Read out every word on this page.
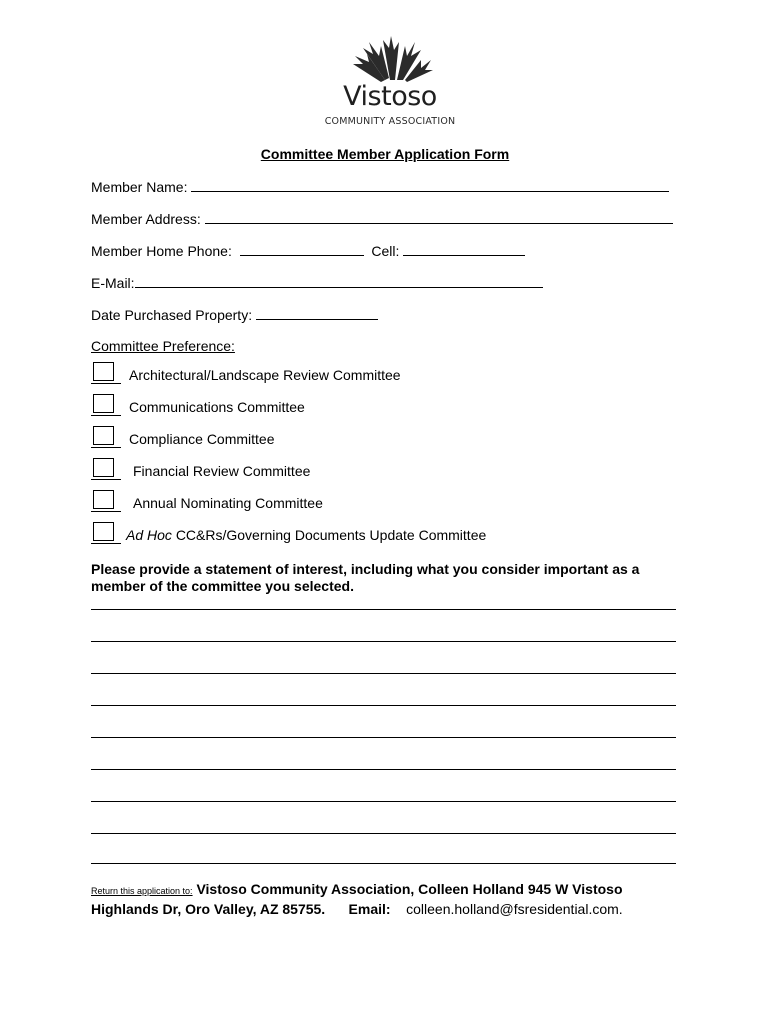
Vistoso
COMMUNITY ASSOCIATION
Committee Member Application Form
Member Name:
Member Address:
Member Home Phone:	Cell:
E-Mail:
Date Purchased Property:
Committee Preference:
Architectural/Landscape Review Committee
Communications Committee
Compliance Committee
Financial Review Committee
Annual Nominating Committee
Ad Hoc CC&Rs/Governing Documents Update Committee
Please provide a statement of interest, including what you consider important as a member of the committee you selected.
Return this application to: Vistoso Community Association, Colleen Holland 945 W Vistoso Highlands Dr, Oro Valley, AZ 85755. Email: colleen.holland@fsresidential.com.
